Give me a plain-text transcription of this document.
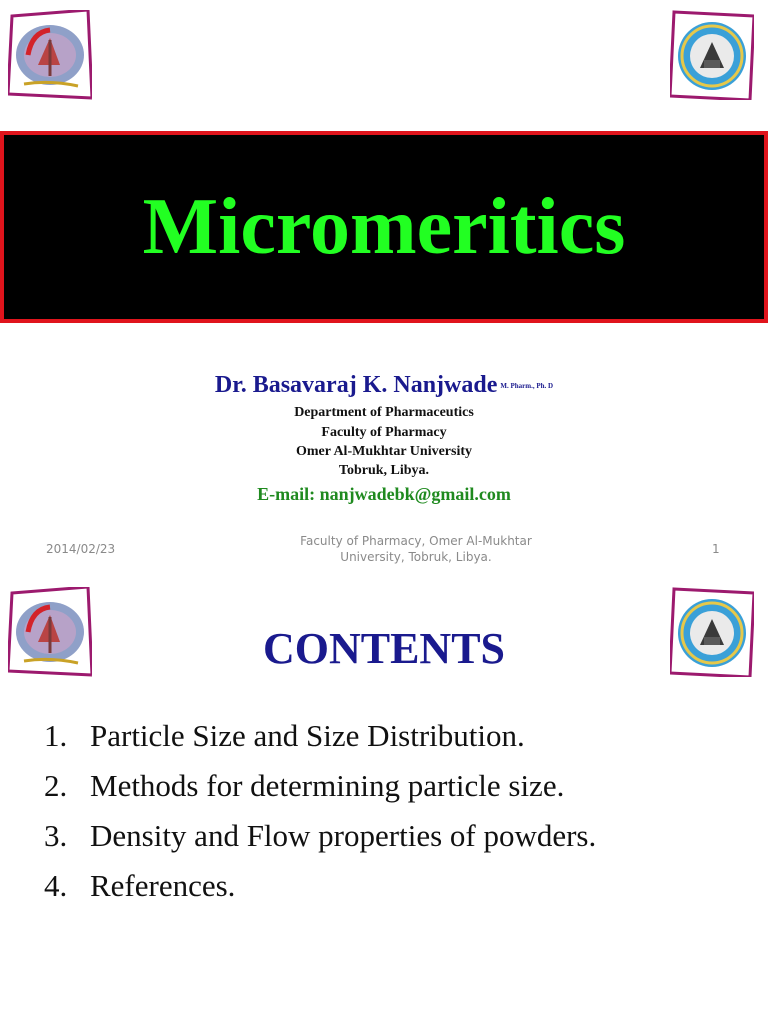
Micromeritics
Dr. Basavaraj K. Nanjwade M. Pharm., Ph. D
Department of Pharmaceutics
Faculty of Pharmacy
Omer Al-Mukhtar University
Tobruk, Libya.
E-mail: nanjwadebk@gmail.com
2014/02/23
Faculty of Pharmacy, Omer Al-Mukhtar
University, Tobruk, Libya.
1
CONTENTS
1. Particle Size and Size Distribution.
2. Methods for determining particle size.
3. Density and Flow properties of powders.
4. References.
